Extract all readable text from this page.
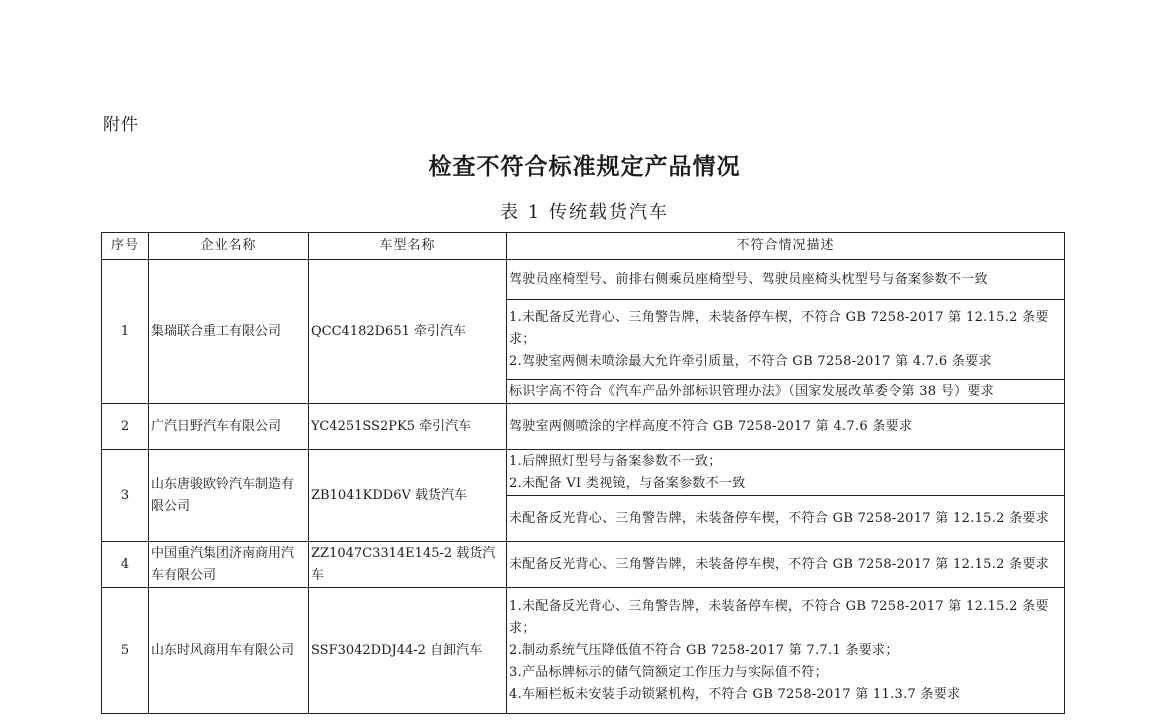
附件
检查不符合标准规定产品情况
表 1 传统载货汽车
序号	企业名称	车型名称	不符合情况描述
1	集瑞联合重工有限公司	QCC4182D651 牵引汽车	驾驶员座椅型号、前排右侧乘员座椅型号、驾驶员座椅头枕型号与备案参数不一致

			1.未配备反光背心、三角警告牌，未装备停车楔，不符合 GB 7258-2017 第 12.15.2 条要求；
2.驾驶室两侧未喷涂最大允许牵引质量，不符合 GB 7258-2017 第 4.7.6 条要求

			标识字高不符合《汽车产品外部标识管理办法》（国家发展改革委令第 38 号）要求

2	广汽日野汽车有限公司	YC4251SS2PK5 牵引汽车	驾驶室两侧喷涂的字样高度不符合 GB 7258-2017 第 4.7.6 条要求

3	山东唐骏欧铃汽车制造有限公司	ZB1041KDD6V 载货汽车	1.后牌照灯型号与备案参数不一致；
2.未配备 VI 类视镜，与备案参数不一致

			未配备反光背心、三角警告牌，未装备停车楔，不符合 GB 7258-2017 第 12.15.2 条要求

4	中国重汽集团济南商用汽车有限公司	ZZ1047C3314E145-2 载货汽车	未配备反光背心、三角警告牌，未装备停车楔，不符合 GB 7258-2017 第 12.15.2 条要求

5	山东时风商用车有限公司	SSF3042DDJ44-2 自卸汽车	1.未配备反光背心、三角警告牌，未装备停车楔，不符合 GB 7258-2017 第 12.15.2 条要求；
2.制动系统气压降低值不符合 GB 7258-2017 第 7.7.1 条要求；
3.产品标牌标示的储气筒额定工作压力与实际值不符；
4.车厢栏板未安装手动锁紧机构，不符合 GB 7258-2017 第 11.3.7 条要求
